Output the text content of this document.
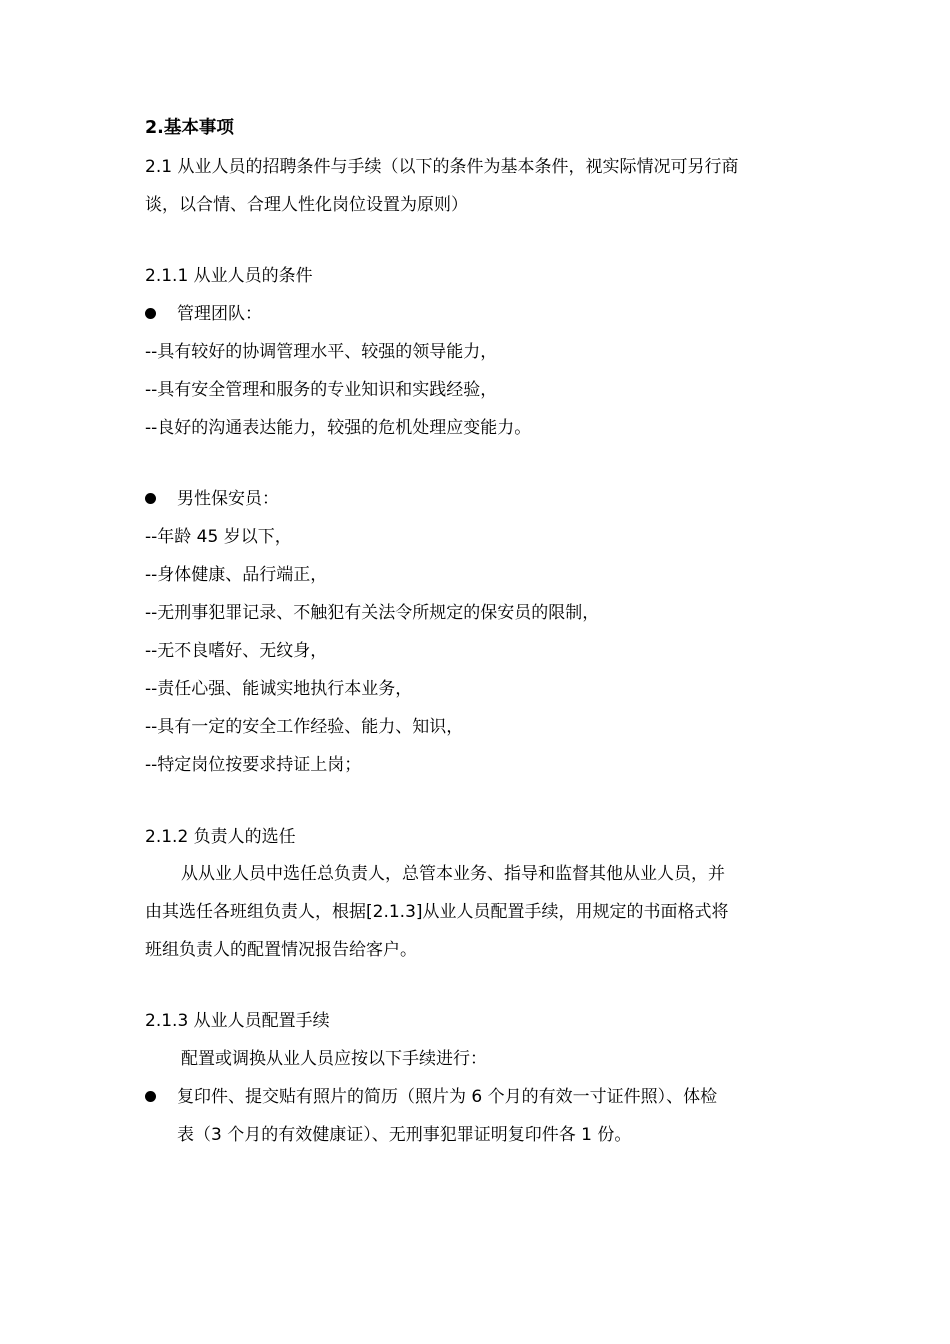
2.基本事项
2.1 从业人员的招聘条件与手续（以下的条件为基本条件，视实际情况可另行商
谈，以合情、合理人性化岗位设置为原则）
2.1.1 从业人员的条件
管理团队：
--具有较好的协调管理水平、较强的领导能力，
--具有安全管理和服务的专业知识和实践经验，
--良好的沟通表达能力，较强的危机处理应变能力。
男性保安员：
--年龄 45 岁以下，
--身体健康、品行端正，
--无刑事犯罪记录、不触犯有关法令所规定的保安员的限制，
--无不良嗜好、无纹身，
--责任心强、能诚实地执行本业务，
--具有一定的安全工作经验、能力、知识，
--特定岗位按要求持证上岗；
2.1.2 负责人的选任
从从业人员中选任总负责人，总管本业务、指导和监督其他从业人员，并
由其选任各班组负责人，根据[2.1.3]从业人员配置手续，用规定的书面格式将
班组负责人的配置情况报告给客户。
2.1.3 从业人员配置手续
配置或调换从业人员应按以下手续进行：
复印件、提交贴有照片的简历（照片为 6 个月的有效一寸证件照）、体检
表（3 个月的有效健康证）、无刑事犯罪证明复印件各 1 份。
